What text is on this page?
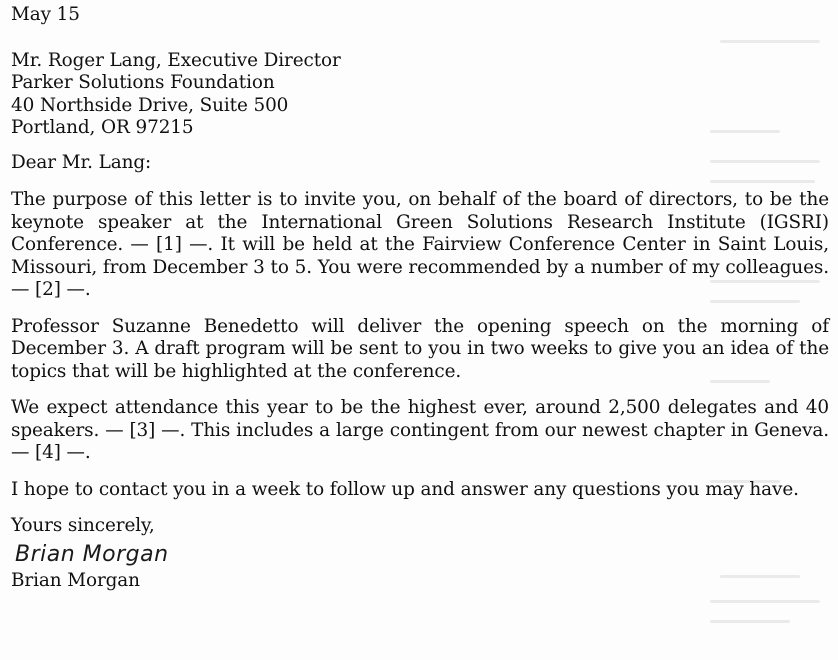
May 15
Mr. Roger Lang, Executive Director
Parker Solutions Foundation
40 Northside Drive, Suite 500
Portland, OR 97215
Dear Mr. Lang:

The purpose of this letter is to invite you, on behalf of the board of directors, to be the keynote speaker at the International Green Solutions Research Institute (IGSRI) Conference. — [1] —. It will be held at the Fairview Conference Center in Saint Louis, Missouri, from December 3 to 5. You were recommended by a number of my colleagues. — [2] —.

Professor Suzanne Benedetto will deliver the opening speech on the morning of December 3. A draft program will be sent to you in two weeks to give you an idea of the topics that will be highlighted at the conference.

We expect attendance this year to be the highest ever, around 2,500 delegates and 40 speakers. — [3] —. This includes a large contingent from our newest chapter in Geneva. — [4] —.

I hope to contact you in a week to follow up and answer any questions you may have.

Yours sincerely,
Brian Morgan
Brian Morgan
